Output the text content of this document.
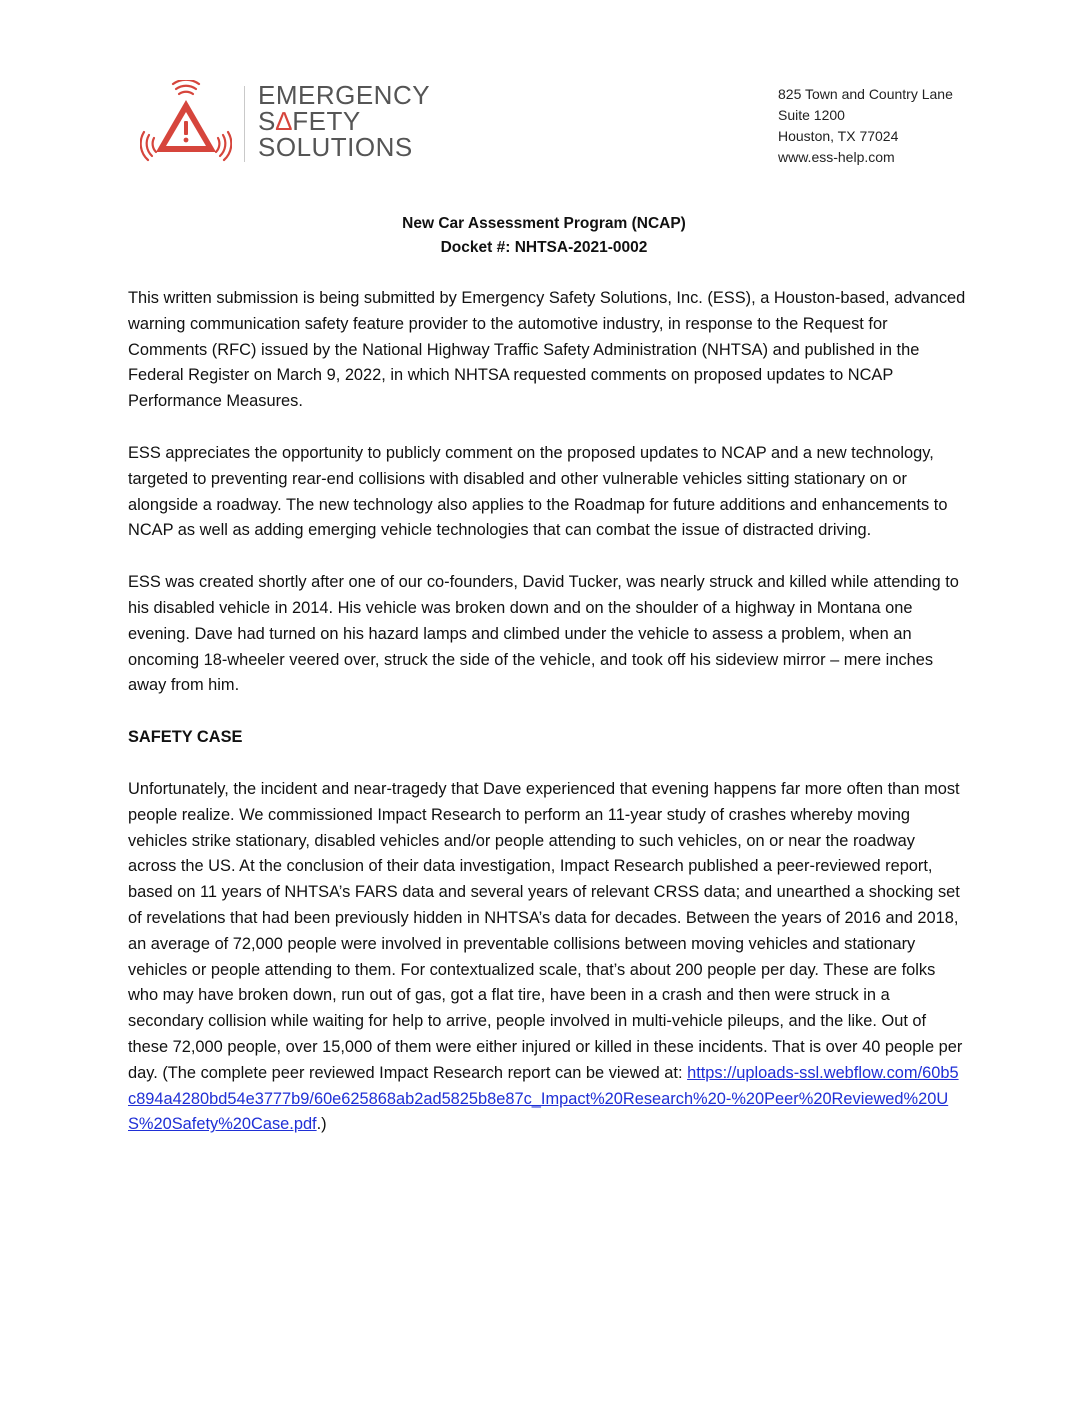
EMERGENCY
S∆FETY
SOLUTIONS
825 Town and Country Lane
Suite 1200
Houston, TX 77024
www.ess-help.com
New Car Assessment Program (NCAP)
Docket #: NHTSA-2021-0002

This written submission is being submitted by Emergency Safety Solutions, Inc. (ESS), a Houston-based, advanced warning communication safety feature provider to the automotive industry, in response to the Request for Comments (RFC) issued by the National Highway Traffic Safety Administration (NHTSA) and published in the Federal Register on March 9, 2022, in which NHTSA requested comments on proposed updates to NCAP Performance Measures.

ESS appreciates the opportunity to publicly comment on the proposed updates to NCAP and a new technology, targeted to preventing rear-end collisions with disabled and other vulnerable vehicles sitting stationary on or alongside a roadway. The new technology also applies to the Roadmap for future additions and enhancements to NCAP as well as adding emerging vehicle technologies that can combat the issue of distracted driving.

ESS was created shortly after one of our co-founders, David Tucker, was nearly struck and killed while attending to his disabled vehicle in 2014. His vehicle was broken down and on the shoulder of a highway in Montana one evening. Dave had turned on his hazard lamps and climbed under the vehicle to assess a problem, when an oncoming 18-wheeler veered over, struck the side of the vehicle, and took off his sideview mirror – mere inches away from him.

SAFETY CASE

Unfortunately, the incident and near-tragedy that Dave experienced that evening happens far more often than most people realize. We commissioned Impact Research to perform an 11-year study of crashes whereby moving vehicles strike stationary, disabled vehicles and/or people attending to such vehicles, on or near the roadway across the US. At the conclusion of their data investigation, Impact Research published a peer-reviewed report, based on 11 years of NHTSA’s FARS data and several years of relevant CRSS data; and unearthed a shocking set of revelations that had been previously hidden in NHTSA’s data for decades. Between the years of 2016 and 2018, an average of 72,000 people were involved in preventable collisions between moving vehicles and stationary vehicles or people attending to them. For contextualized scale, that’s about 200 people per day. These are folks who may have broken down, run out of gas, got a flat tire, have been in a crash and then were struck in a secondary collision while waiting for help to arrive, people involved in multi-vehicle pileups, and the like. Out of these 72,000 people, over 15,000 of them were either injured or killed in these incidents. That is over 40 people per day. (The complete peer reviewed Impact Research report can be viewed at: https://uploads-ssl.webflow.com/60b5c894a4280bd54e3777b9/60e625868ab2ad5825b8e87c_Impact%20Research%20-%20Peer%20Reviewed%20US%20Safety%20Case.pdf.)
